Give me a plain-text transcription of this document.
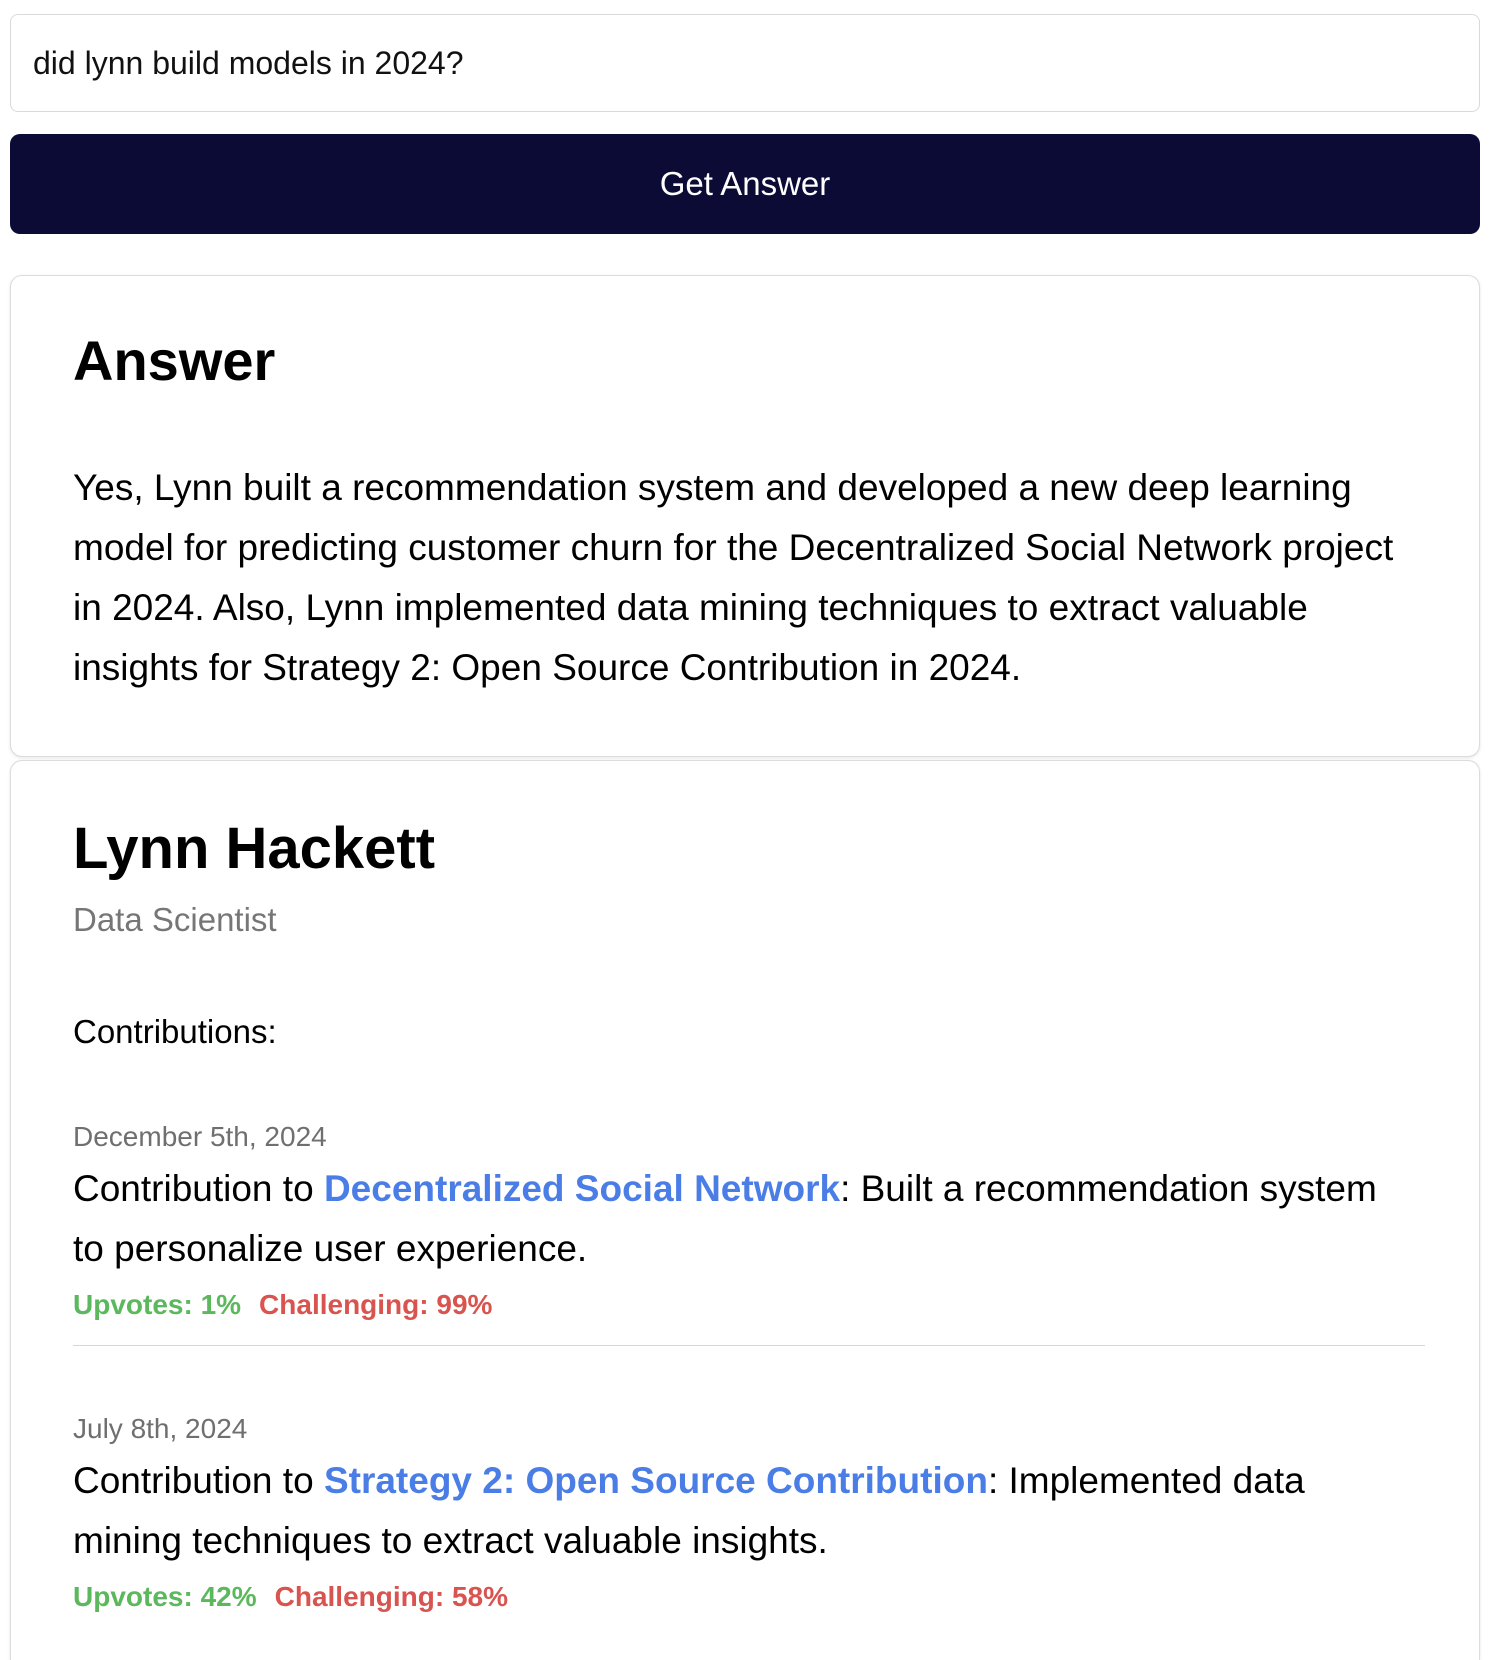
did lynn build models in 2024?
Get Answer
Answer

Yes, Lynn built a recommendation system and developed a new deep learning model for predicting customer churn for the Decentralized Social Network project in 2024. Also, Lynn implemented data mining techniques to extract valuable insights for Strategy 2: Open Source Contribution in 2024.

Lynn Hackett

Data Scientist

Contributions:

December 5th, 2024
Contribution to Decentralized Social Network: Built a recommendation system to personalize user experience.
Upvotes: 1% Challenging: 99%
July 8th, 2024
Contribution to Strategy 2: Open Source Contribution: Implemented data mining techniques to extract valuable insights.
Upvotes: 42% Challenging: 58%
